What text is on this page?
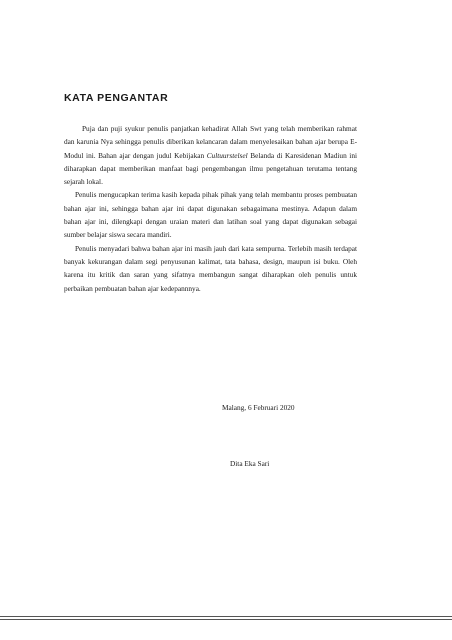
KATA PENGANTAR

Puja dan puji syukur penulis panjatkan kehadirat Allah Swt yang telah memberikan rahmat dan karunia Nya sehingga penulis diberikan kelancaran dalam menyelesaikan bahan ajar berupa E-Modul ini. Bahan ajar dengan judul Kebijakan Cultuurstelsel Belanda di Karesidenan Madiun ini diharapkan dapat memberikan manfaat bagi pengembangan ilmu pengetahuan terutama tentang sejarah lokal.

Penulis mengucapkan terima kasih kepada pihak pihak yang telah membantu proses pembuatan bahan ajar ini, sehingga bahan ajar ini dapat digunakan sebagaimana mestinya. Adapun dalam bahan ajar ini, dilengkapi dengan uraian materi dan latihan soal yang dapat digunakan sebagai sumber belajar siswa secara mandiri.

Penulis menyadari bahwa bahan ajar ini masih jauh dari kata sempurna. Terlebih masih terdapat banyak kekurangan dalam segi penyusunan kalimat, tata bahasa, design, maupun isi buku. Oleh karena itu kritik dan saran yang sifatnya membangun sangat diharapkan oleh penulis untuk perbaikan pembuatan bahan ajar kedepannnya.

Malang, 6 Februari 2020
Dita Eka Sari
